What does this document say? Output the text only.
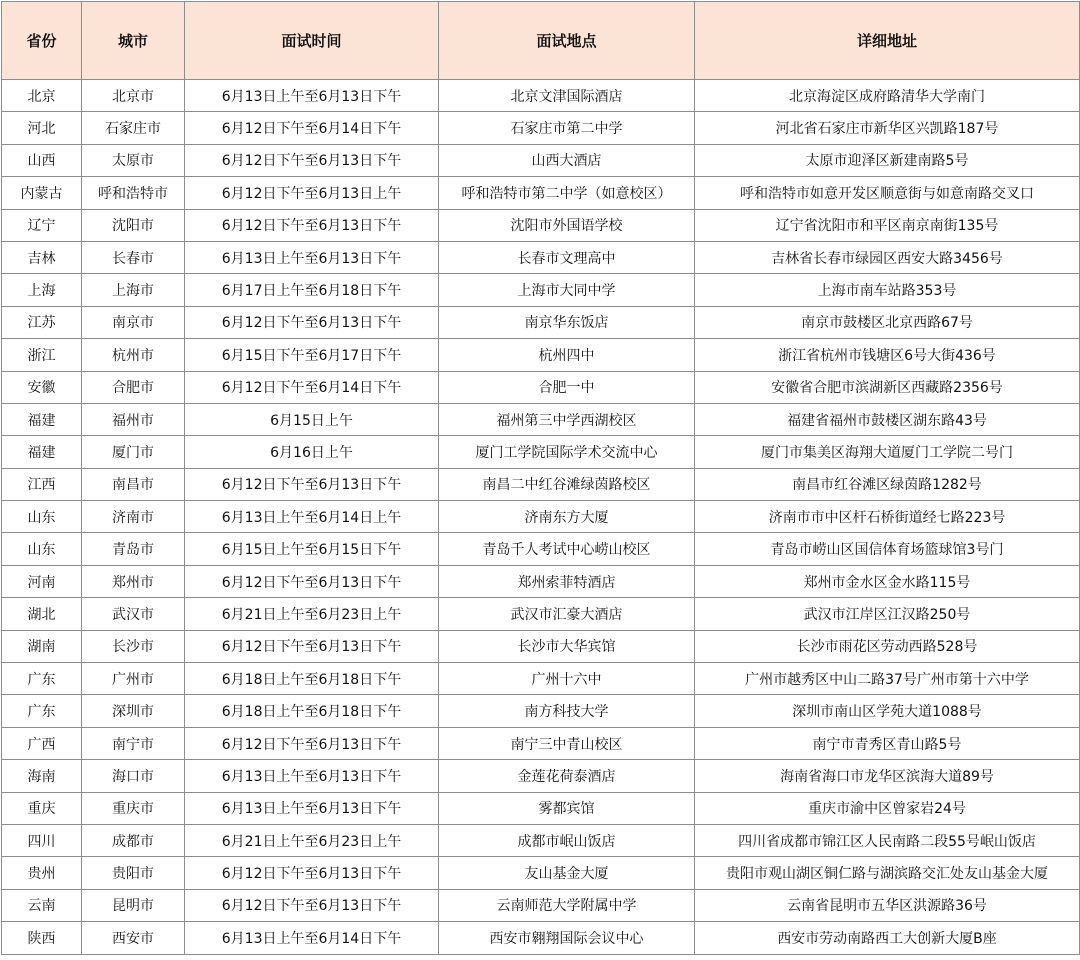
省份	城市	面试时间	面试地点	详细地址
北京	北京市	6月13日上午至6月13日下午	北京文津国际酒店	北京海淀区成府路清华大学南门
河北	石家庄市	6月12日下午至6月14日下午	石家庄市第二中学	河北省石家庄市新华区兴凯路187号
山西	太原市	6月12日下午至6月13日下午	山西大酒店	太原市迎泽区新建南路5号
内蒙古	呼和浩特市	6月12日下午至6月13日上午	呼和浩特市第二中学（如意校区）	呼和浩特市如意开发区顺意街与如意南路交叉口
辽宁	沈阳市	6月12日下午至6月13日下午	沈阳市外国语学校	辽宁省沈阳市和平区南京南街135号
吉林	长春市	6月13日上午至6月13日下午	长春市文理高中	吉林省长春市绿园区西安大路3456号
上海	上海市	6月17日上午至6月18日下午	上海市大同中学	上海市南车站路353号
江苏	南京市	6月12日下午至6月13日下午	南京华东饭店	南京市鼓楼区北京西路67号
浙江	杭州市	6月15日下午至6月17日下午	杭州四中	浙江省杭州市钱塘区6号大街436号
安徽	合肥市	6月12日下午至6月14日下午	合肥一中	安徽省合肥市滨湖新区西藏路2356号
福建	福州市	6月15日上午	福州第三中学西湖校区	福建省福州市鼓楼区湖东路43号
福建	厦门市	6月16日上午	厦门工学院国际学术交流中心	厦门市集美区海翔大道厦门工学院二号门
江西	南昌市	6月12日下午至6月13日下午	南昌二中红谷滩绿茵路校区	南昌市红谷滩区绿茵路1282号
山东	济南市	6月13日上午至6月14日上午	济南东方大厦	济南市市中区杆石桥街道经七路223号
山东	青岛市	6月15日上午至6月15日下午	青岛千人考试中心崂山校区	青岛市崂山区国信体育场篮球馆3号门
河南	郑州市	6月12日下午至6月13日下午	郑州索菲特酒店	郑州市金水区金水路115号
湖北	武汉市	6月21日上午至6月23日上午	武汉市汇豪大酒店	武汉市江岸区江汉路250号
湖南	长沙市	6月12日下午至6月13日下午	长沙市大华宾馆	长沙市雨花区劳动西路528号
广东	广州市	6月18日上午至6月18日下午	广州十六中	广州市越秀区中山二路37号广州市第十六中学
广东	深圳市	6月18日上午至6月18日下午	南方科技大学	深圳市南山区学苑大道1088号
广西	南宁市	6月12日下午至6月13日下午	南宁三中青山校区	南宁市青秀区青山路5号
海南	海口市	6月13日上午至6月13日下午	金莲花荷泰酒店	海南省海口市龙华区滨海大道89号
重庆	重庆市	6月13日上午至6月13日下午	雾都宾馆	重庆市渝中区曾家岩24号
四川	成都市	6月21日上午至6月23日上午	成都市岷山饭店	四川省成都市锦江区人民南路二段55号岷山饭店
贵州	贵阳市	6月12日下午至6月13日下午	友山基金大厦	贵阳市观山湖区铜仁路与湖滨路交汇处友山基金大厦
云南	昆明市	6月12日下午至6月13日下午	云南师范大学附属中学	云南省昆明市五华区洪源路36号
陕西	西安市	6月13日上午至6月14日下午	西安市翱翔国际会议中心	西安市劳动南路西工大创新大厦B座
